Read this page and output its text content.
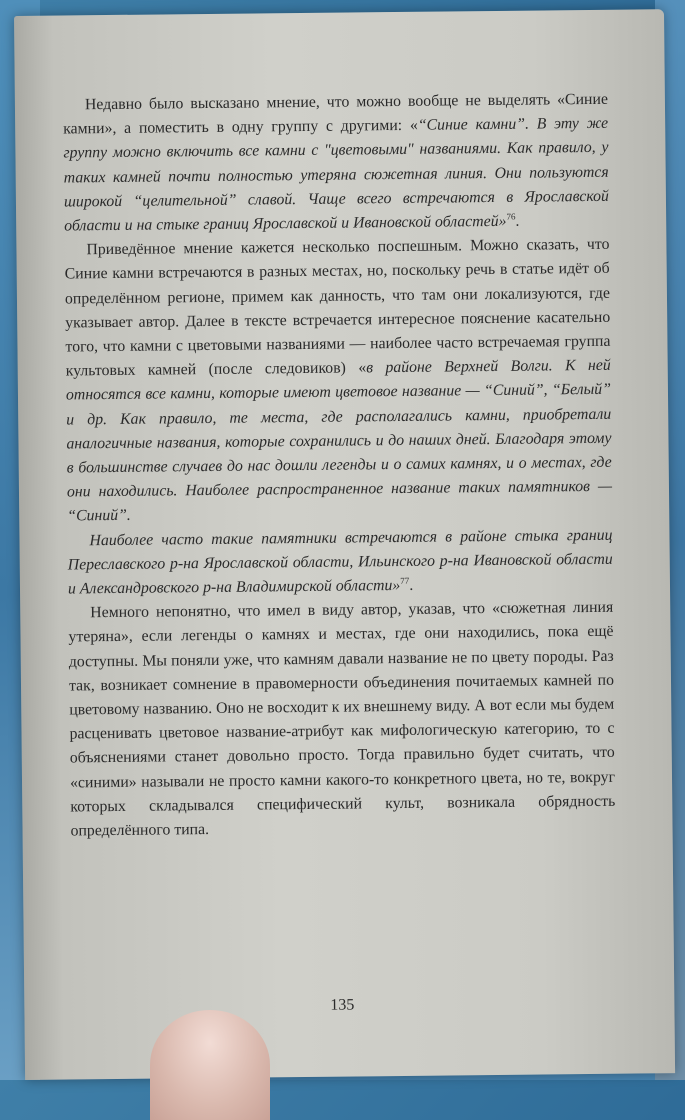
Недавно было высказано мнение, что можно вообще не выделять «Синие камни», а поместить в одну группу с другими: «“Синие камни”. В эту же группу можно включить все камни с "цветовыми" названиями. Как правило, у таких камней почти полностью утеряна сюжетная линия. Они пользуются широкой “целительной” славой. Чаще всего встречаются в Ярославской области и на стыке границ Ярославской и Ивановской областей»$^{76}$.

Приведённое мнение кажется несколько поспешным. Можно сказать, что Синие камни встречаются в разных местах, но, поскольку речь в статье идёт об определённом регионе, примем как данность, что там они локализуются, где указывает автор. Далее в тексте встречается интересное пояснение касательно того, что камни с цветовыми названиями — наиболее часто встречаемая группа культовых камней (после следовиков) «в районе Верхней Волги. К ней относятся все камни, которые имеют цветовое название — “Синий”, “Белый” и др. Как правило, те места, где располагались камни, приобретали аналогичные названия, которые сохранились и до наших дней. Благодаря этому в большинстве случаев до нас дошли легенды и о самих камнях, и о местах, где они находились. Наиболее распространенное название таких памятников — “Синий”.

Наиболее часто такие памятники встречаются в районе стыка границ Переславского р-на Ярославской области, Ильинского р-на Ивановской области и Александровского р-на Владимирской области»$^{77}$.

Немного непонятно, что имел в виду автор, указав, что «сюжетная линия утеряна», если легенды о камнях и местах, где они находились, пока ещё доступны. Мы поняли уже, что камням давали название не по цвету породы. Раз так, возникает сомнение в правомерности объединения почитаемых камней по цветовому названию. Оно не восходит к их внешнему виду. А вот если мы будем расценивать цветовое название-атрибут как мифологическую категорию, то с объяснениями станет довольно просто. Тогда правильно будет считать, что «синими» называли не просто камни какого-то конкретного цвета, но те, вокруг которых складывался специфический культ, возникала обрядность определённого типа.

135
